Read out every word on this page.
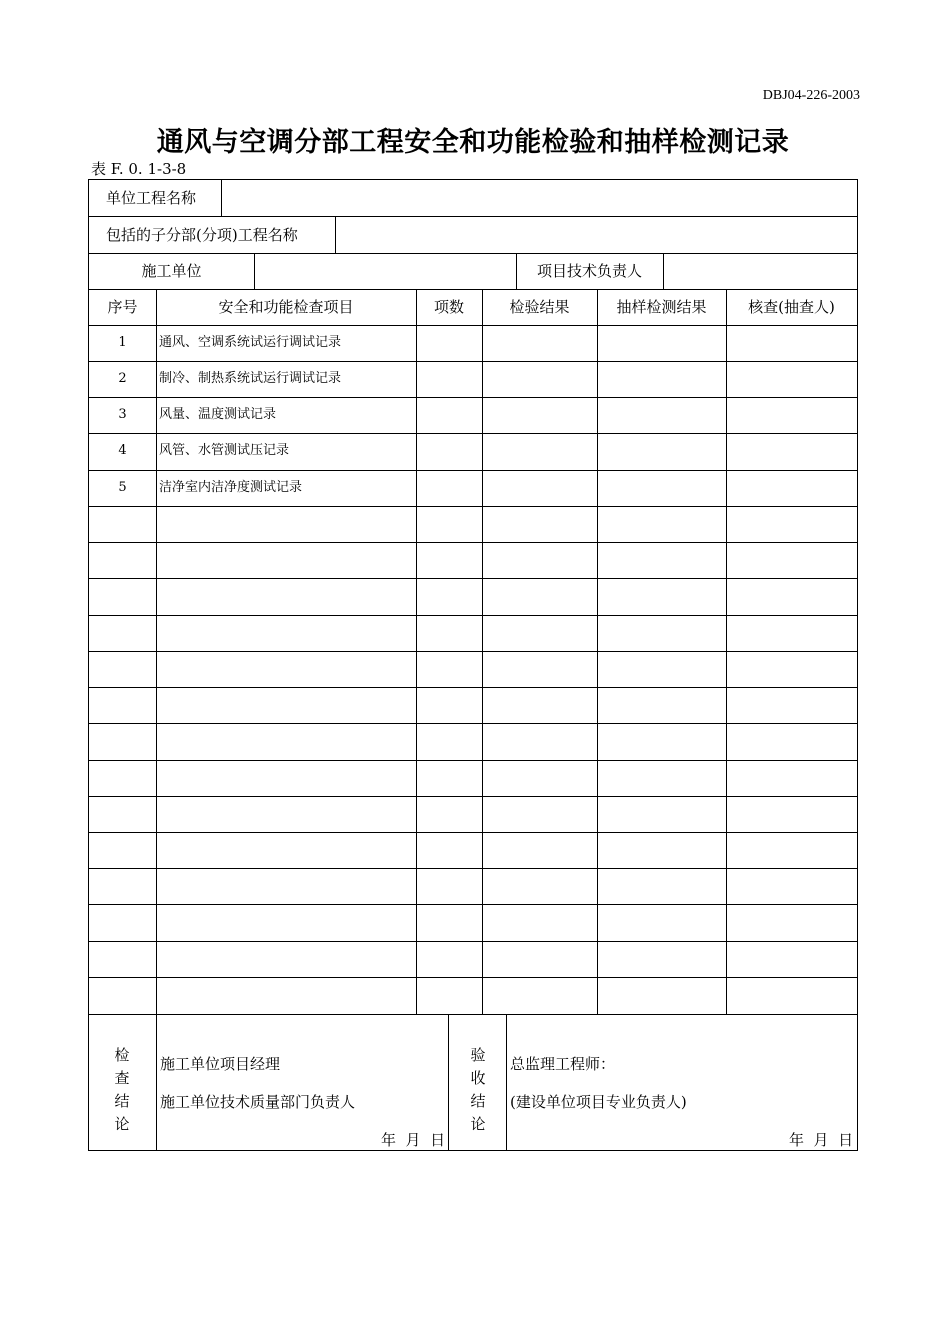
DBJ04-226-2003
通风与空调分部工程安全和功能检验和抽样检测记录
表 F. 0. 1-3-8
单位工程名称
包括的子分部(分项)工程名称
施工单位	项目技术负责人
序号	安全和功能检查项目	项数	检验结果	抽样检测结果	核查(抽查人)
1	通风、空调系统试运行调试记录
2	制冷、制热系统试运行调试记录
3	风量、温度测试记录
4	风管、水管测试压记录
5	洁净室内洁净度测试记录
检
查
结
论
施工单位项目经理
施工单位技术质量部门负责人
年  月  日
验
收
结
论
总监理工程师：
(建设单位项目专业负责人)
年  月  日
